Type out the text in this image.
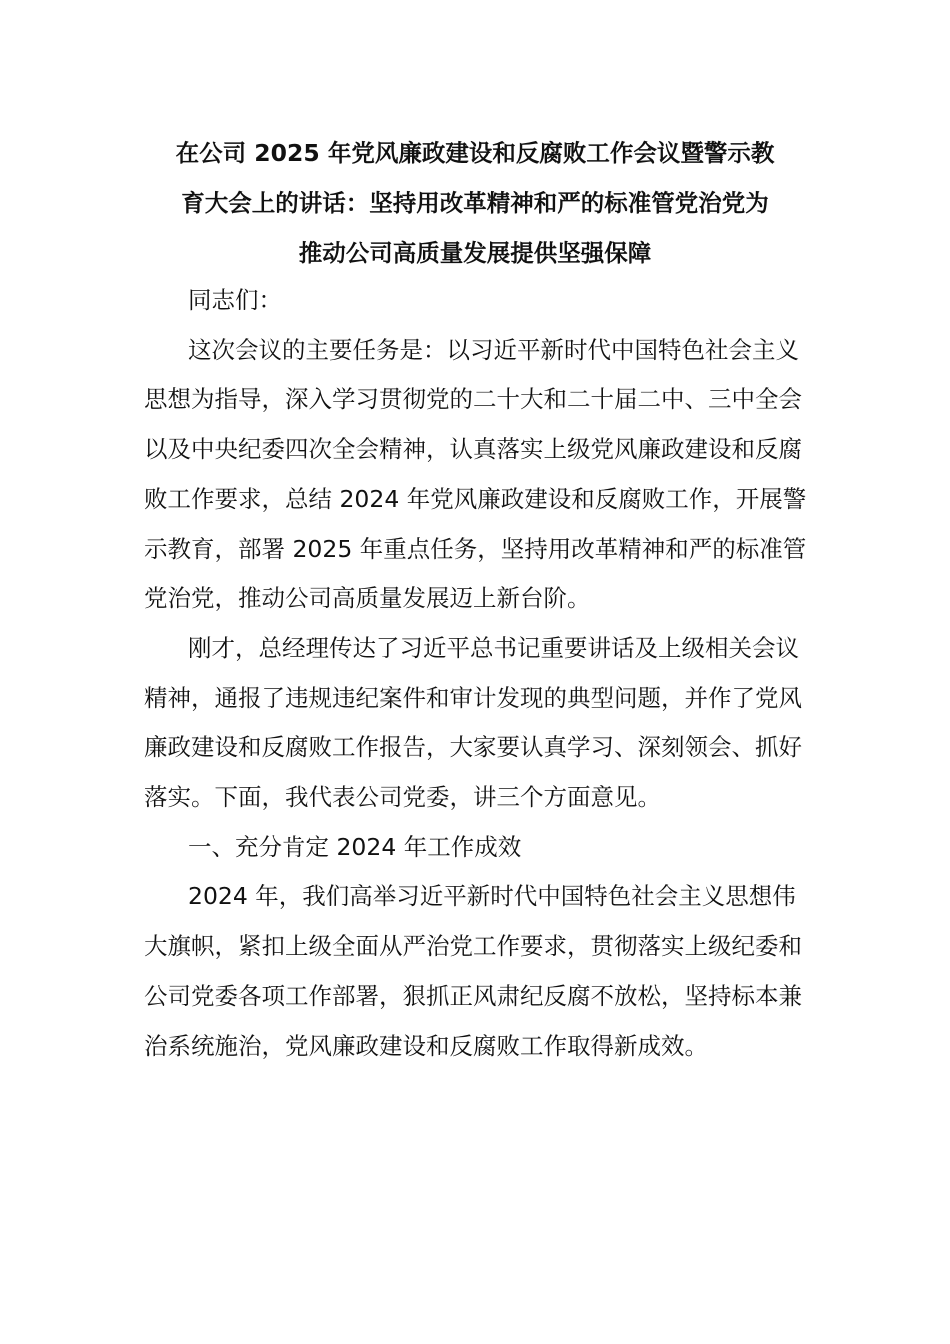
在公司 2025 年党风廉政建设和反腐败工作会议暨警示教
育大会上的讲话：坚持用改革精神和严的标准管党治党为
推动公司高质量发展提供坚强保障

同志们：

这次会议的主要任务是：以习近平新时代中国特色社会主义思想为指导，深入学习贯彻党的二十大和二十届二中、三中全会以及中央纪委四次全会精神，认真落实上级党风廉政建设和反腐败工作要求，总结 2024 年党风廉政建设和反腐败工作，开展警示教育，部署 2025 年重点任务，坚持用改革精神和严的标准管党治党，推动公司高质量发展迈上新台阶。

刚才，总经理传达了习近平总书记重要讲话及上级相关会议精神，通报了违规违纪案件和审计发现的典型问题，并作了党风廉政建设和反腐败工作报告，大家要认真学习、深刻领会、抓好落实。下面，我代表公司党委，讲三个方面意见。

一、充分肯定 2024 年工作成效

2024 年，我们高举习近平新时代中国特色社会主义思想伟大旗帜，紧扣上级全面从严治党工作要求，贯彻落实上级纪委和公司党委各项工作部署，狠抓正风肃纪反腐不放松，坚持标本兼治系统施治，党风廉政建设和反腐败工作取得新成效。
